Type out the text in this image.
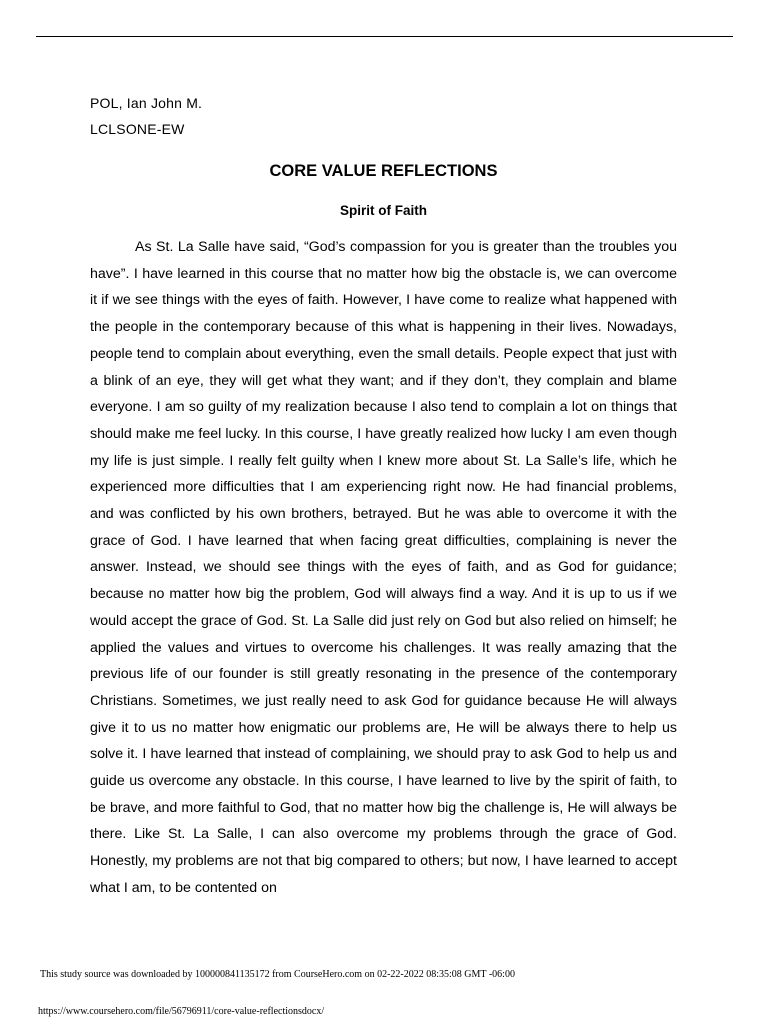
POL, Ian John M.

LCLSONE-EW

CORE VALUE REFLECTIONS
Spirit of Faith

As St. La Salle have said, “God’s compassion for you is greater than the troubles you have”. I have learned in this course that no matter how big the obstacle is, we can overcome it if we see things with the eyes of faith. However, I have come to realize what happened with the people in the contemporary because of this what is happening in their lives. Nowadays, people tend to complain about everything, even the small details. People expect that just with a blink of an eye, they will get what they want; and if they don’t, they complain and blame everyone. I am so guilty of my realization because I also tend to complain a lot on things that should make me feel lucky. In this course, I have greatly realized how lucky I am even though my life is just simple. I really felt guilty when I knew more about St. La Salle’s life, which he experienced more difficulties that I am experiencing right now. He had financial problems, and was conflicted by his own brothers, betrayed. But he was able to overcome it with the grace of God. I have learned that when facing great difficulties, complaining is never the answer. Instead, we should see things with the eyes of faith, and as God for guidance; because no matter how big the problem, God will always find a way. And it is up to us if we would accept the grace of God. St. La Salle did just rely on God but also relied on himself; he applied the values and virtues to overcome his challenges. It was really amazing that the previous life of our founder is still greatly resonating in the presence of the contemporary Christians. Sometimes, we just really need to ask God for guidance because He will always give it to us no matter how enigmatic our problems are, He will be always there to help us solve it. I have learned that instead of complaining, we should pray to ask God to help us and guide us overcome any obstacle. In this course, I have learned to live by the spirit of faith, to be brave, and more faithful to God, that no matter how big the challenge is, He will always be there. Like St. La Salle, I can also overcome my problems through the grace of God. Honestly, my problems are not that big compared to others; but now, I have learned to accept what I am, to be contented on

This study source was downloaded by 100000841135172 from CourseHero.com on 02-22-2022 08:35:08 GMT -06:00

https://www.coursehero.com/file/56796911/core-value-reflectionsdocx/
